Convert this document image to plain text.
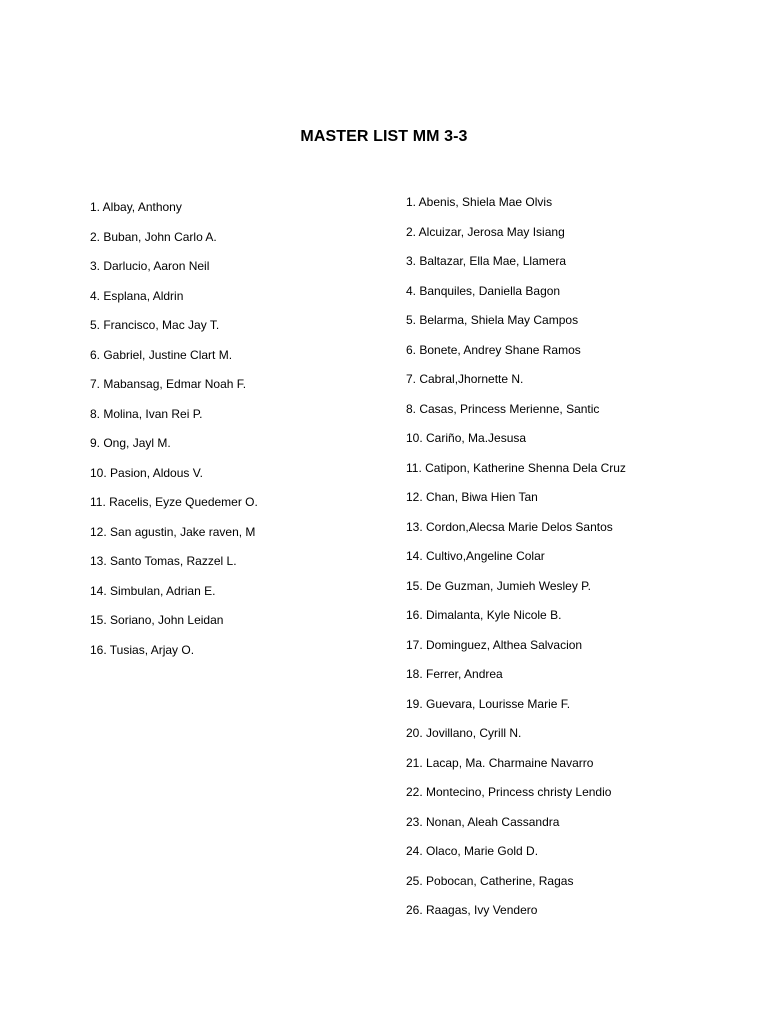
MASTER LIST MM 3-3
1. Albay, Anthony
2. Buban, John Carlo A.
3. Darlucio, Aaron Neil
4. Esplana, Aldrin
5. Francisco, Mac Jay T.
6. Gabriel, Justine Clart M.
7. Mabansag, Edmar Noah F.
8. Molina, Ivan Rei P.
9. Ong, Jayl M.
10. Pasion, Aldous V.
11. Racelis, Eyze Quedemer O.
12. San agustin, Jake raven, M
13. Santo Tomas, Razzel L.
14. Simbulan, Adrian E.
15. Soriano, John Leidan
16. Tusias, Arjay O.
1. Abenis, Shiela Mae Olvis
2. Alcuizar, Jerosa May Isiang
3. Baltazar, Ella Mae, Llamera
4. Banquiles, Daniella Bagon
5. Belarma, Shiela May Campos
6. Bonete, Andrey Shane Ramos
7. Cabral,Jhornette N.
8. Casas, Princess Merienne, Santic
10. Cariño, Ma.Jesusa
11. Catipon, Katherine Shenna Dela Cruz
12. Chan, Biwa Hien Tan
13. Cordon,Alecsa Marie Delos Santos
14. Cultivo,Angeline Colar
15. De Guzman, Jumieh Wesley P.
16. Dimalanta, Kyle Nicole B.
17. Dominguez, Althea Salvacion
18. Ferrer, Andrea
19. Guevara, Lourisse Marie F.
20. Jovillano, Cyrill N.
21. Lacap, Ma. Charmaine Navarro
22. Montecino, Princess christy Lendio
23. Nonan, Aleah Cassandra
24. Olaco, Marie Gold D.
25. Pobocan, Catherine, Ragas
26. Raagas, Ivy Vendero
